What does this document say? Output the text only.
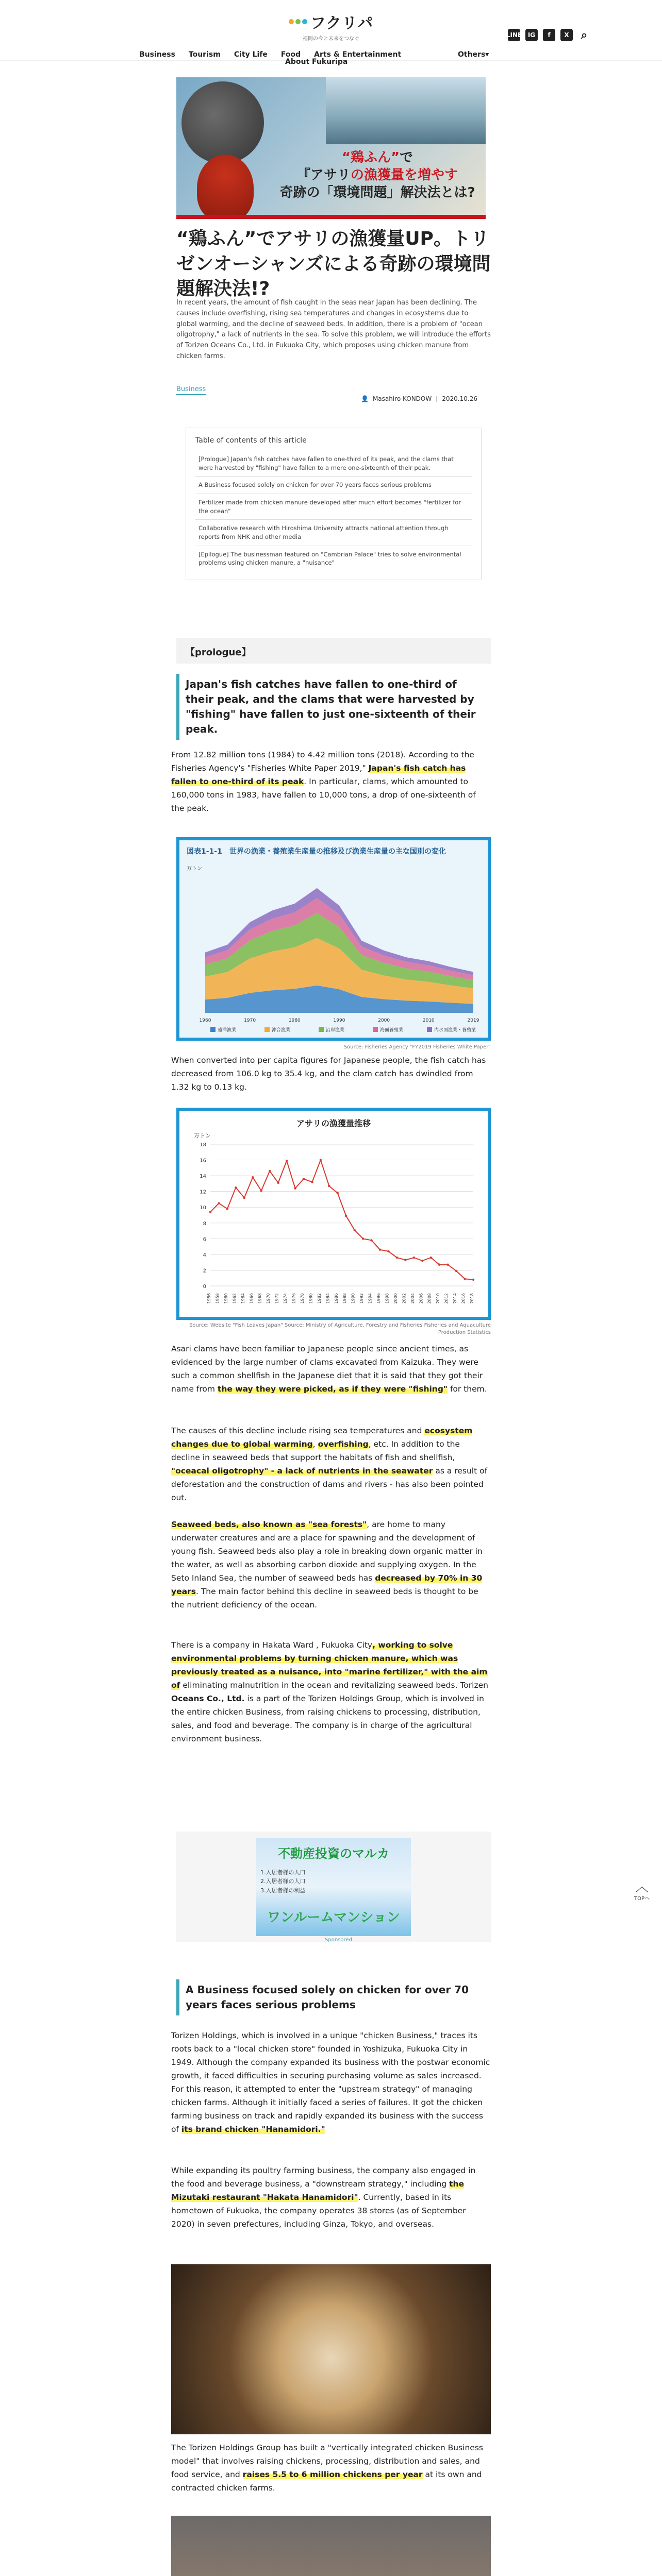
フクリパ
福岡の今と未来をつなぐ
LINE IG	f	X	⌕
Business Tourism City Life Food Arts & Entertainment	Others▾
About Fukuripa
“鶏ふん”で
『アサリの漁獲量を増やす
奇跡の「環境問題」解決法とは?
“鶏ふん”でアサリの漁獲量UP。トリゼンオーシャンズによる奇跡の環境問題解決法!?

In recent years, the amount of fish caught in the seas near Japan has been declining. The causes include overfishing, rising sea temperatures and changes in ecosystems due to global warming, and the decline of seaweed beds. In addition, there is a problem of "ocean oligotrophy," a lack of nutrients in the sea. To solve this problem, we will introduce the efforts of Torizen Oceans Co., Ltd. in Fukuoka City, which proposes using chicken manure from chicken farms.

Business
👤 Masahiro KONDOW | 2020.10.26
Table of contents of this article
[Prologue] Japan's fish catches have fallen to one-third of its peak, and the clams that were harvested by "fishing" have fallen to a mere one-sixteenth of their peak.
A Business focused solely on chicken for over 70 years faces serious problems
Fertilizer made from chicken manure developed after much effort becomes "fertilizer for the ocean"
Collaborative research with Hiroshima University attracts national attention through reports from NHK and other media
[Epilogue] The businessman featured on "Cambrian Palace" tries to solve environmental problems using chicken manure, a "nuisance"
【prologue】
Japan's fish catches have fallen to one-third of their peak, and the clams that were harvested by "fishing" have fallen to just one-sixteenth of their peak.

From 12.82 million tons (1984) to 4.42 million tons (2018). According to the Fisheries Agency's "Fisheries White Paper 2019," Japan's fish catch has fallen to one-third of its peak. In particular, clams, which amounted to 160,000 tons in 1983, have fallen to 10,000 tons, a drop of one-sixteenth of the peak.

図表1-1-1　世界の漁業・養殖業生産量の推移及び漁業生産量の主な国別の変化
万トン
1960	1970	1980	1990	2000	2010	2019
遠洋漁業	沖合漁業	沿岸漁業	海面養殖業	内水面漁業・養殖業
Source: Fisheries Agency "FY2019 Fisheries White Paper"

When converted into per capita figures for Japanese people, the fish catch has decreased from 106.0 kg to 35.4 kg, and the clam catch has dwindled from 1.32 kg to 0.13 kg.

アサリの漁獲量推移
万トン
0
2
4
6
8
10
12
14
16
18
1956 1958 1960 1962 1964 1966 1968 1970 1972 1974 1976 1978 1980 1982 1984 1986 1988 1990 1992 1994 1996 1998 2000 2002 2004 2006 2008 2010 2012 2014 2016 2018
Source: Website "Fish Leaves Japan" Source: Ministry of Agriculture, Forestry and Fisheries Fisheries and Aquaculture Production Statistics

Asari clams have been familiar to Japanese people since ancient times, as evidenced by the large number of clams excavated from Kaizuka. They were such a common shellfish in the Japanese diet that it is said that they got their name from the way they were picked, as if they were "fishing" for them.

The causes of this decline include rising sea temperatures and ecosystem changes due to global warming, overfishing, etc. In addition to the decline in seaweed beds that support the habitats of fish and shellfish, "oceacal oligotrophy" - a lack of nutrients in the seawater as a result of deforestation and the construction of dams and rivers - has also been pointed out.

Seaweed beds, also known as "sea forests", are home to many underwater creatures and are a place for spawning and the development of young fish. Seaweed beds also play a role in breaking down organic matter in the water, as well as absorbing carbon dioxide and supplying oxygen. In the Seto Inland Sea, the number of seaweed beds has decreased by 70% in 30 years. The main factor behind this decline in seaweed beds is thought to be the nutrient deficiency of the ocean.

There is a company in Hakata Ward , Fukuoka City, working to solve environmental problems by turning chicken manure, which was previously treated as a nuisance, into "marine fertilizer," with the aim of eliminating malnutrition in the ocean and revitalizing seaweed beds. Torizen Oceans Co., Ltd. is a part of the Torizen Holdings Group, which is involved in the entire chicken Business, from raising chickens to processing, distribution, sales, and food and beverage. The company is in charge of the agricultural environment business.

不動産投資のマルカ
1.入居者様の人口
2.入居者様の人口
3.入居者様の利益
ワンルームマンション
Sponsored
︿
TOPへ
A Business focused solely on chicken for over 70 years faces serious problems

Torizen Holdings, which is involved in a unique "chicken Business," traces its roots back to a "local chicken store" founded in Yoshizuka, Fukuoka City in 1949. Although the company expanded its business with the postwar economic growth, it faced difficulties in securing purchasing volume as sales increased. For this reason, it attempted to enter the "upstream strategy" of managing chicken farms. Although it initially faced a series of failures. It got the chicken farming business on track and rapidly expanded its business with the success of its brand chicken "Hanamidori."

While expanding its poultry farming business, the company also engaged in the food and beverage business, a "downstream strategy," including the Mizutaki restaurant "Hakata Hanamidori". Currently, based in its hometown of Fukuoka, the company operates 38 stores (as of September 2020) in seven prefectures, including Ginza, Tokyo, and overseas.

The Torizen Holdings Group has built a "vertically integrated chicken Business model" that involves raising chickens, processing, distribution and sales, and food service, and raises 5.5 to 6 million chickens per year at its own and contracted chicken farms.
